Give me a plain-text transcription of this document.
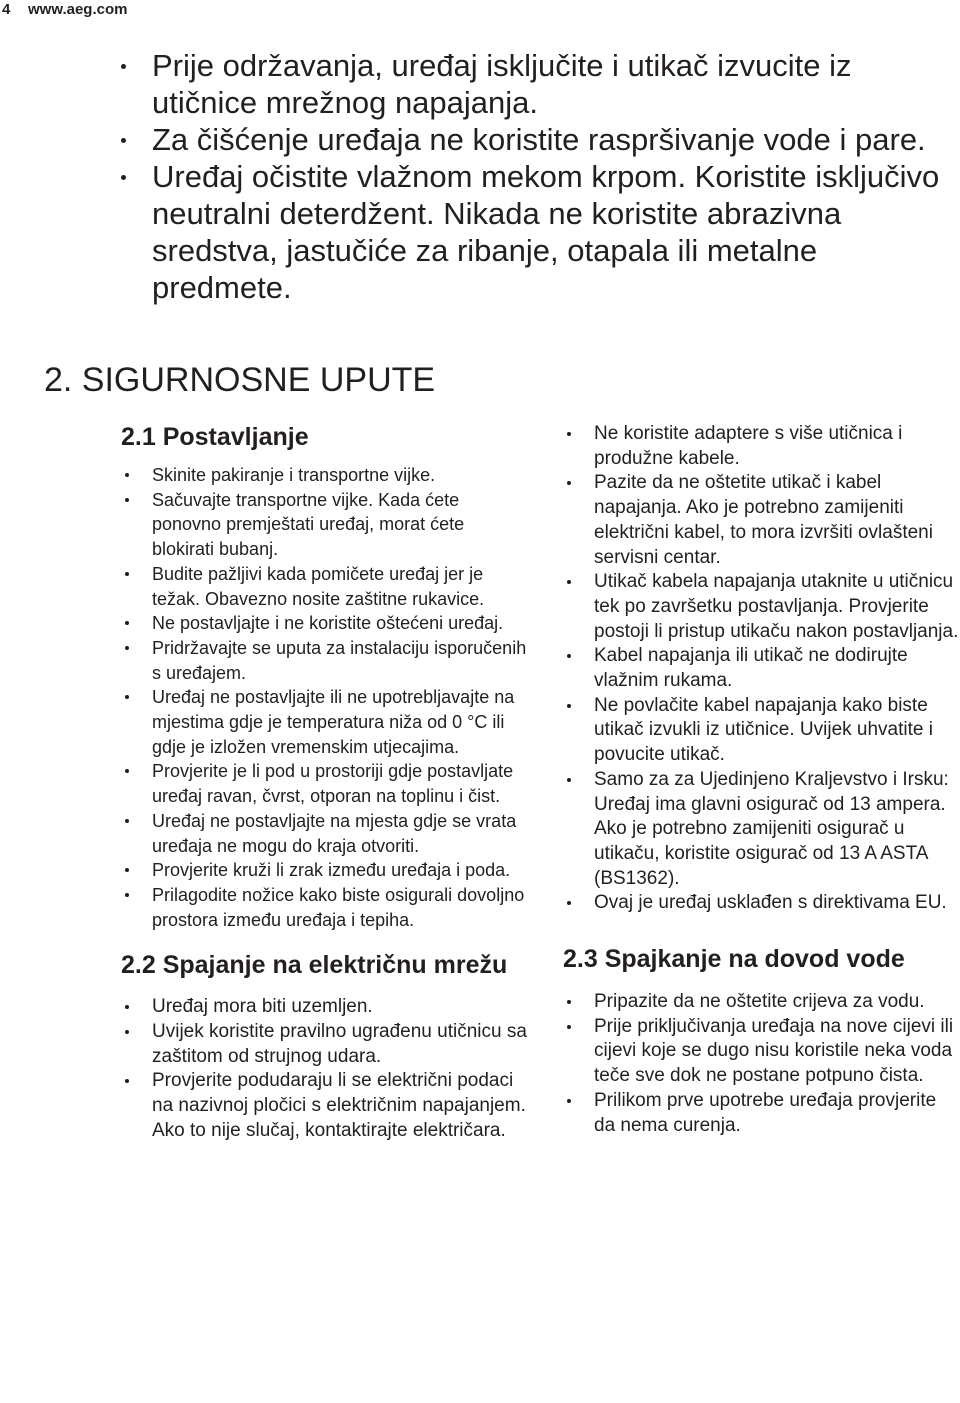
4 www.aeg.com
Prije održavanja, uređaj isključite i utikač izvucite iz utičnice mrežnog napajanja.
Za čišćenje uređaja ne koristite raspršivanje vode i pare.
Uređaj očistite vlažnom mekom krpom. Koristite isključivo neutralni deterdžent. Nikada ne koristite abrazivna sredstva, jastučiće za ribanje, otapala ili metalne predmete.
2. SIGURNOSNE UPUTE
2.1 Postavljanje
Skinite pakiranje i transportne vijke.
Sačuvajte transportne vijke. Kada ćete ponovno premještati uređaj, morat ćete blokirati bubanj.
Budite pažljivi kada pomičete uređaj jer je težak. Obavezno nosite zaštitne rukavice.
Ne postavljajte i ne koristite oštećeni uređaj.
Pridržavajte se uputa za instalaciju isporučenih s uređajem.
Uređaj ne postavljajte ili ne upotrebljavajte na mjestima gdje je temperatura niža od 0 °C ili gdje je izložen vremenskim utjecajima.
Provjerite je li pod u prostoriji gdje postavljate uređaj ravan, čvrst, otporan na toplinu i čist.
Uređaj ne postavljajte na mjesta gdje se vrata uređaja ne mogu do kraja otvoriti.
Provjerite kruži li zrak između uređaja i poda.
Prilagodite nožice kako biste osigurali dovoljno prostora između uređaja i tepiha.
2.2 Spajanje na električnu mrežu
Uređaj mora biti uzemljen.
Uvijek koristite pravilno ugrađenu utičnicu sa zaštitom od strujnog udara.
Provjerite podudaraju li se električni podaci na nazivnoj pločici s električnim napajanjem. Ako to nije slučaj, kontaktirajte električara.
Ne koristite adaptere s više utičnica i produžne kabele.
Pazite da ne oštetite utikač i kabel napajanja. Ako je potrebno zamijeniti električni kabel, to mora izvršiti ovlašteni servisni centar.
Utikač kabela napajanja utaknite u utičnicu tek po završetku postavljanja. Provjerite postoji li pristup utikaču nakon postavljanja.
Kabel napajanja ili utikač ne dodirujte vlažnim rukama.
Ne povlačite kabel napajanja kako biste utikač izvukli iz utičnice. Uvijek uhvatite i povucite utikač.
Samo za za Ujedinjeno Kraljevstvo i Irsku: Uređaj ima glavni osigurač od 13 ampera. Ako je potrebno zamijeniti osigurač u utikaču, koristite osigurač od 13 A ASTA (BS1362).
Ovaj je uređaj usklađen s direktivama EU.
2.3 Spajkanje na dovod vode
Pripazite da ne oštetite crijeva za vodu.
Prije priključivanja uređaja na nove cijevi ili cijevi koje se dugo nisu koristile neka voda teče sve dok ne postane potpuno čista.
Prilikom prve upotrebe uređaja provjerite da nema curenja.
